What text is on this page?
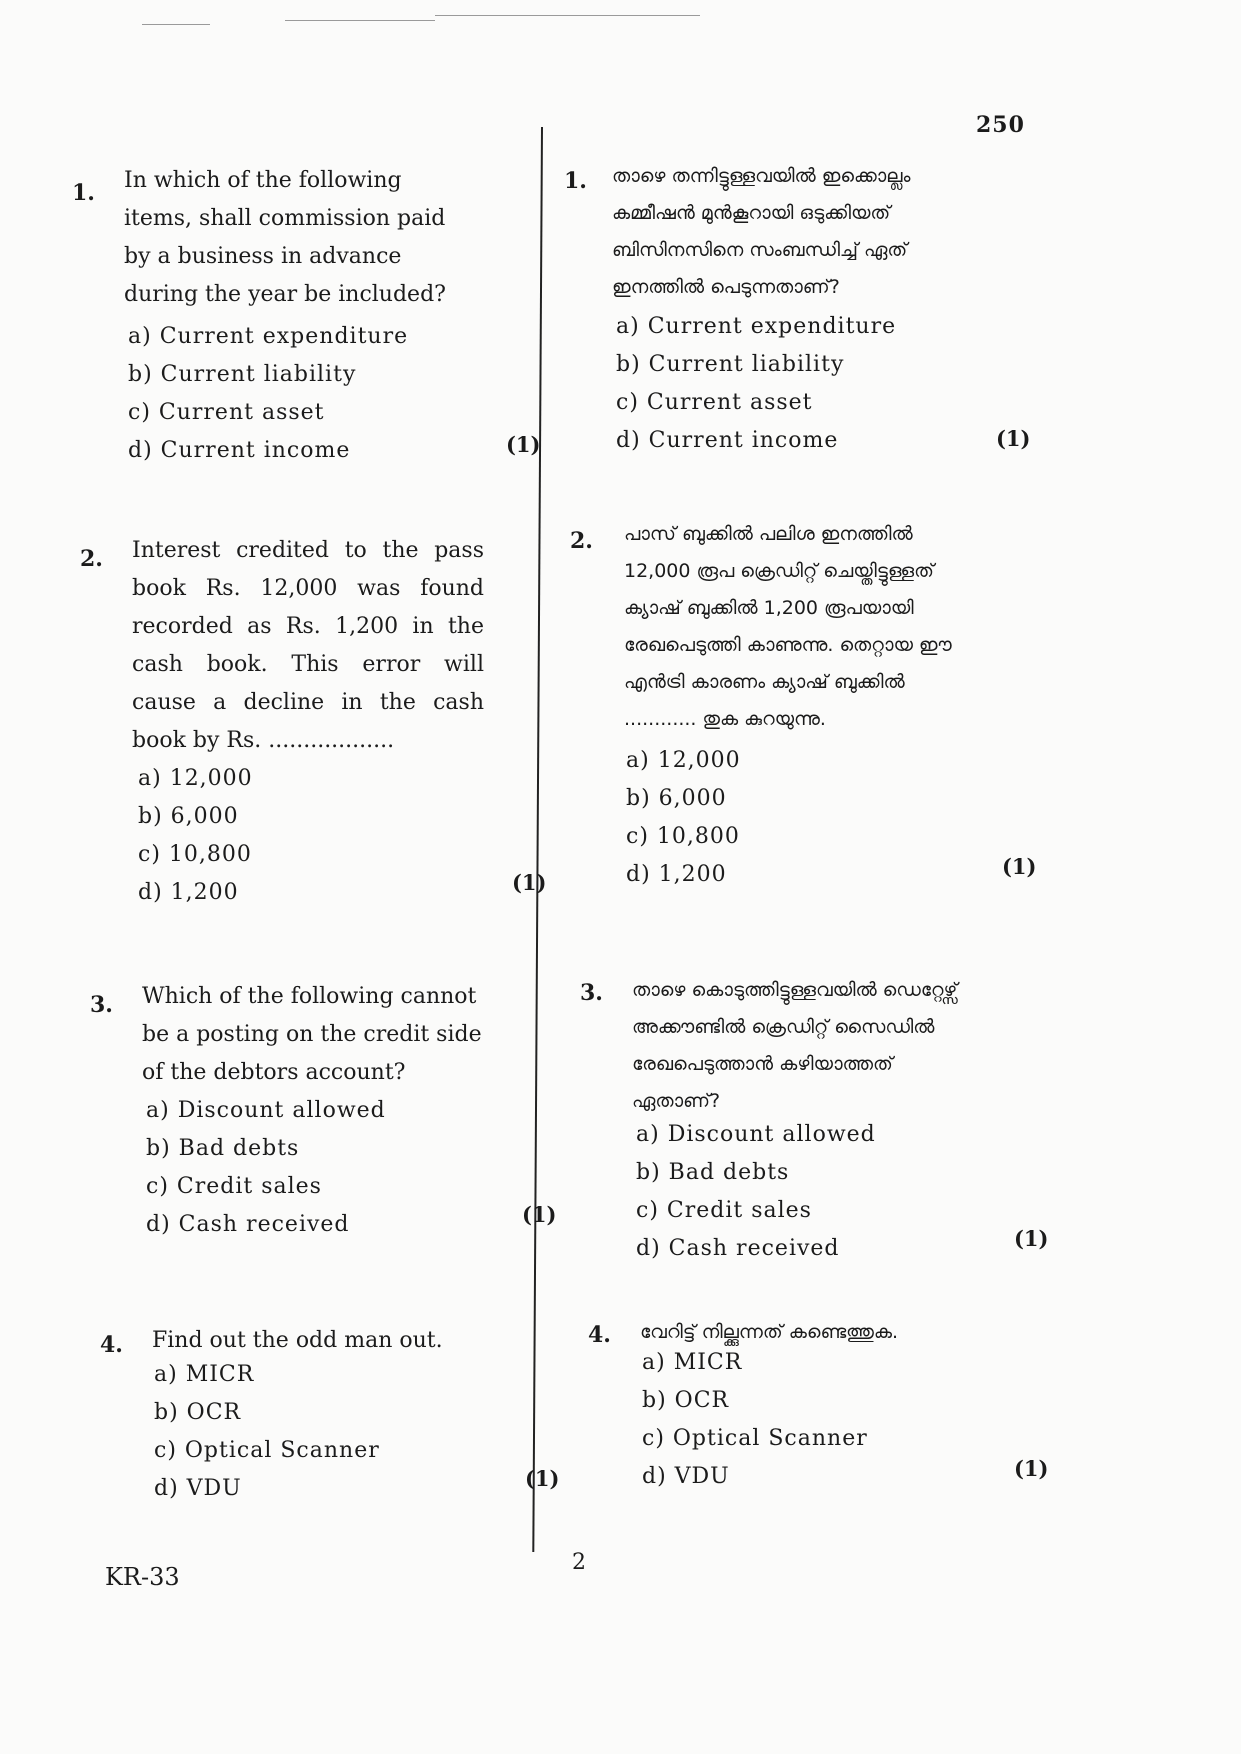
250
1. In which of the following items, shall commission paid by a business in advance during the year be included?
a) Current expenditure
b) Current liability
c) Current asset
d) Current income	(1)
2. Interest credited to the pass book Rs. 12,000 was found recorded as Rs. 1,200 in the cash book. This error will cause a decline in the cash book by Rs. ..................
a) 12,000
b) 6,000
c) 10,800
d) 1,200	(1)
3. Which of the following cannot be a posting on the credit side of the debtors account?
a) Discount allowed
b) Bad debts
c) Credit sales
d) Cash received	(1)
4. Find out the odd man out.
a) MICR
b) OCR
c) Optical Scanner
d) VDU	(1)
1. താഴെ തന്നിട്ടുള്ളവയിൽ ഇക്കൊല്ലം കമ്മീഷൻ മുൻകൂറായി ഒടുക്കിയത് ബിസിനസിനെ സംബന്ധിച്ച് ഏത് ഇനത്തിൽ പെടുന്നതാണ്?
a) Current expenditure
b) Current liability
c) Current asset
d) Current income	(1)
2. പാസ് ബുക്കിൽ പലിശ ഇനത്തിൽ 12,000 രൂപ ക്രെഡിറ്റ് ചെയ്തിട്ടുള്ളത് ക്യാഷ് ബുക്കിൽ 1,200 രൂപയായി രേഖപെടുത്തി കാണുന്നു. തെറ്റായ ഈ എൻട്രി കാരണം ക്യാഷ് ബുക്കിൽ ............ തുക കുറയുന്നു.
a) 12,000
b) 6,000
c) 10,800
d) 1,200	(1)
3. താഴെ കൊടുത്തിട്ടുള്ളവയിൽ ഡെറ്റേഴ്സ് അക്കൗണ്ടിൽ ക്രെഡിറ്റ് സൈഡിൽ രേഖപെടുത്താൻ കഴിയാത്തത് ഏതാണ്?
a) Discount allowed
b) Bad debts
c) Credit sales
d) Cash received	(1)
4. വേറിട്ട് നില്ക്കുന്നത് കണ്ടെത്തുക.
a) MICR
b) OCR
c) Optical Scanner
d) VDU	(1)
KR-33
2
